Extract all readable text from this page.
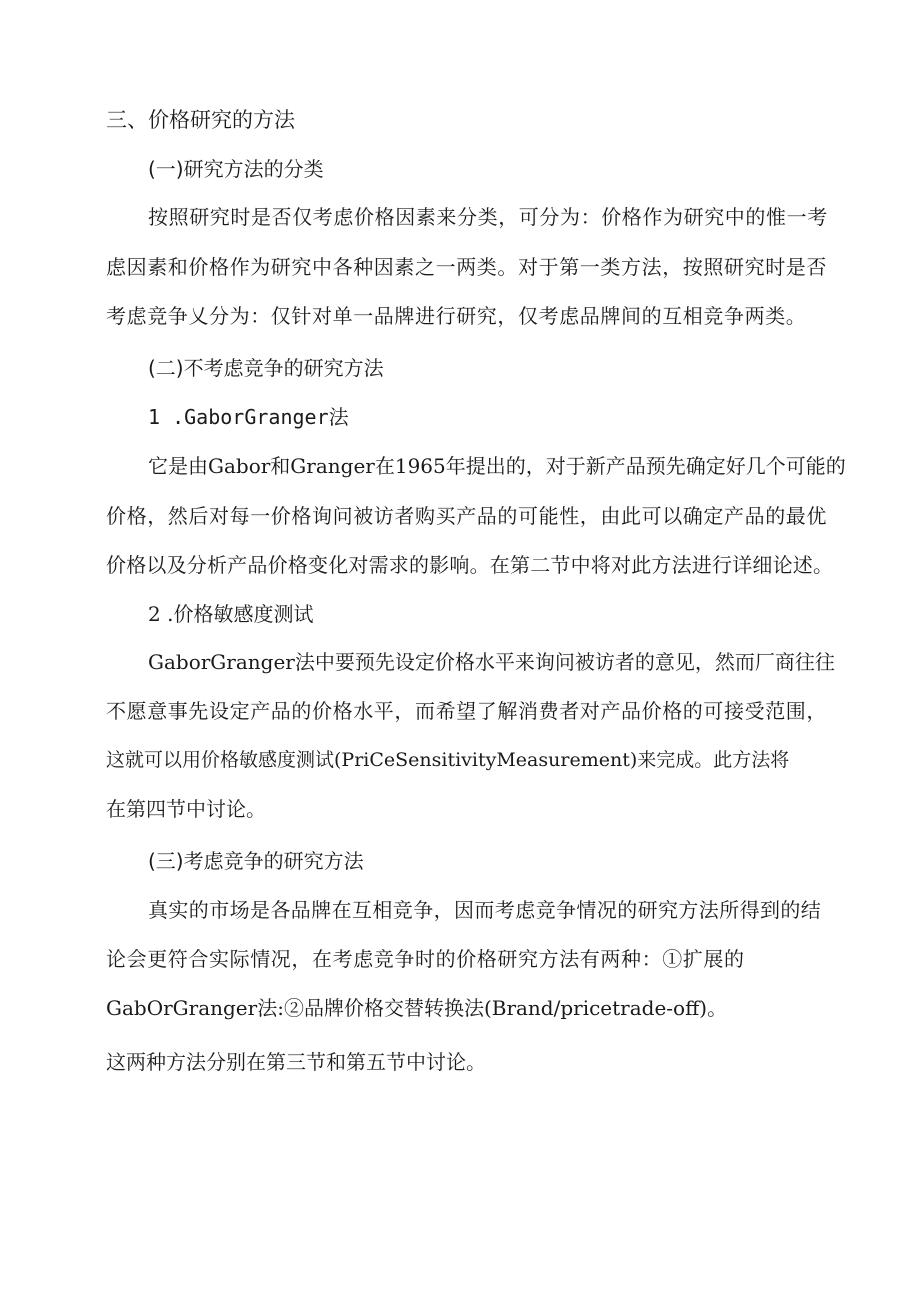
三、价格研究的方法
(一)研究方法的分类
按照研究时是否仅考虑价格因素来分类，可分为：价格作为研究中的惟一考
虑因素和价格作为研究中各种因素之一两类。对于第一类方法，按照研究时是否
考虑竞争乂分为：仅针对单一品牌进行研究，仅考虑品牌间的互相竞争两类。
(二)不考虑竞争的研究方法
1 .GaborGranger法
它是由Gabor和Granger在1965年提出的，对于新产品预先确定好几个可能的
价格，然后对每一价格询问被访者购买产品的可能性，由此可以确定产品的最优
价格以及分析产品价格变化对需求的影响。在第二节中将对此方法进行详细论述。
2 .价格敏感度测试
GaborGranger法中要预先设定价格水平来询问被访者的意见，然而厂商往往
不愿意事先设定产品的价格水平，而希望了解消费者对产品价格的可接受范围，
这就可以用价格敏感度测试(PriCeSensitivityMeasurement)来完成。此方法将
在第四节中讨论。
(三)考虑竞争的研究方法
真实的市场是各品牌在互相竞争，因而考虑竞争情况的研究方法所得到的结
论会更符合实际情况，在考虑竞争时的价格研究方法有两种：①扩展的
GabOrGranger法:②品牌价格交替转换法(Brand/pricetrade-off)。
这两种方法分别在第三节和第五节中讨论。
